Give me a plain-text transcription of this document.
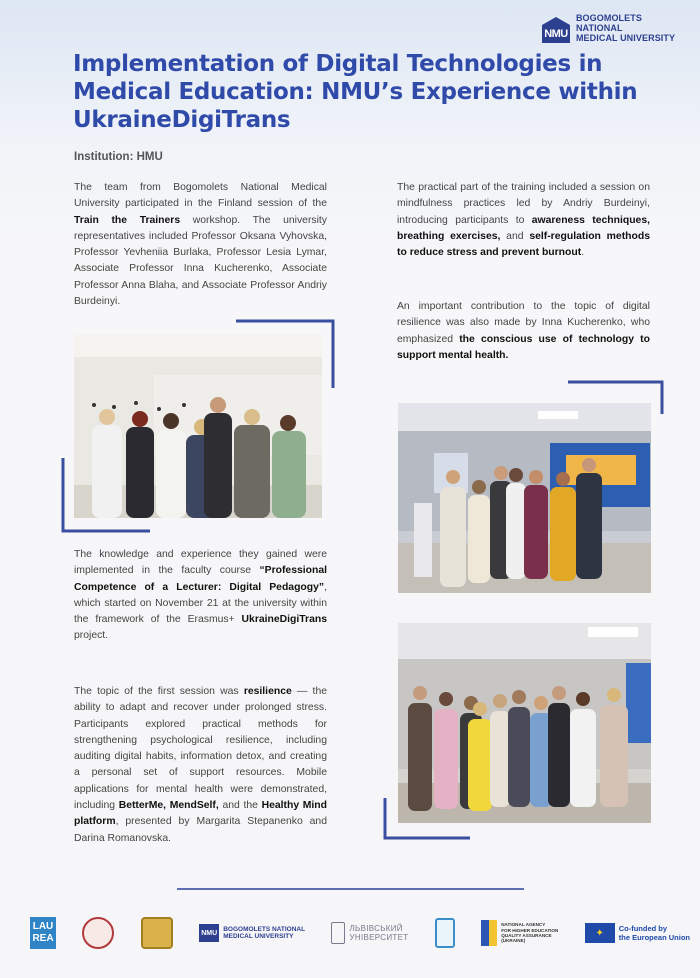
NMU
BOGOMOLETS NATIONAL
MEDICAL UNIVERSITY
Implementation of Digital Technologies in Medical Education: NMU’s Experience within UkraineDigiTrans
Institution: HMU
The team from Bogomolets National Medical University participated in the Finland session of the Train the Trainers workshop. The university representatives included Professor Oksana Vyhovska, Professor Yevheniia Burlaka, Professor Lesia Lymar, Associate Professor Inna Kucherenko, Associate Professor Anna Blaha, and Associate Professor Andriy Burdeinyi.
The knowledge and experience they gained were implemented in the faculty course “Professional Competence of a Lecturer: Digital Pedagogy”, which started on November 21 at the university within the framework of the Erasmus+ UkraineDigiTrans project.
The topic of the first session was resilience — the ability to adapt and recover under prolonged stress. Participants explored practical methods for strengthening psychological resilience, including auditing digital habits, information detox, and creating a personal set of support resources. Mobile applications for mental health were demonstrated, including BetterMe, MendSelf, and the Healthy Mind platform, presented by Margarita Stepanenko and Darina Romanovska.
The practical part of the training included a session on mindfulness practices led by Andriy Burdeinyi, introducing participants to awareness techniques, breathing exercises, and self-regulation methods to reduce stress and prevent burnout.
An important contribution to the topic of digital resilience was also made by Inna Kucherenko, who emphasized the conscious use of technology to support mental health.
LAU
REA	NMU BOGOMOLETS NATIONAL
MEDICAL UNIVERSITY
ЛЬВІВСЬКИЙ
УНІВЕРСИТЕТ
NATIONAL AGENCY
FOR HIGHER EDUCATION
QUALITY ASSURANCE
(UKRAINE)
✦	Co-funded by
the European Union
